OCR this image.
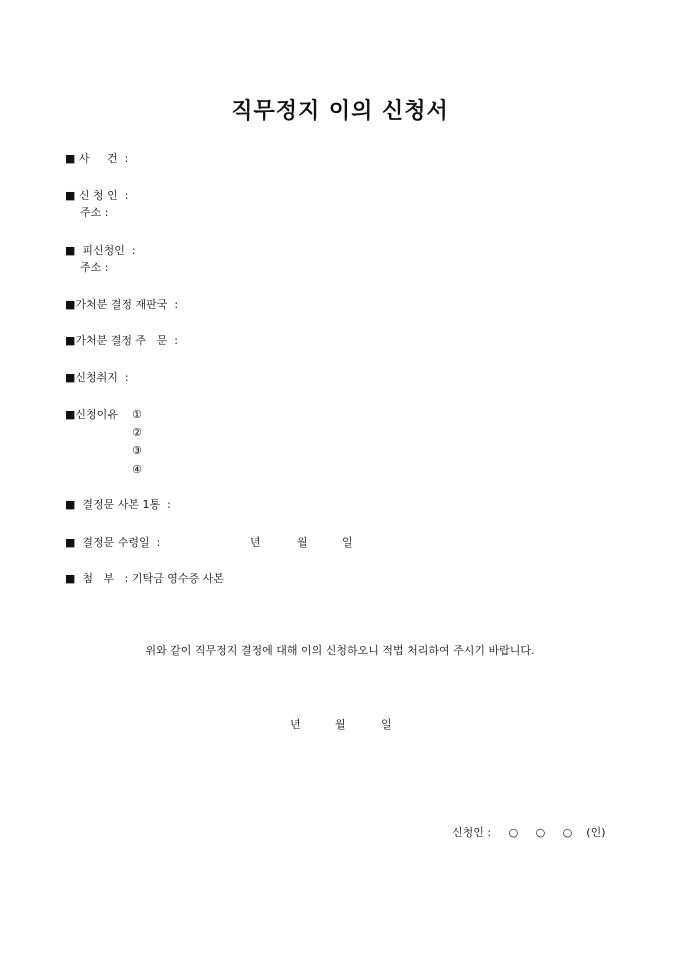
직무정지 이의 신청서
■ 사     건  :
■ 신 청 인  :
주소 :
■  피신청인  :
주소 :
■가처분 결정 재판국  :
■가처분 결정 주   문  :
■신청취지  :
■신청이유 ①
②
③
④
■  결정문 사본 1통  :
■  결정문 수령일  :	년	월	일
■  첨   부   : 기탁금 영수증 사본
위와 같이 직무정지 결정에 대해 이의 신청하오니 적법 처리하여 주시기 바랍니다.
년	월	일
신청인 :     ○     ○     ○    (인)
